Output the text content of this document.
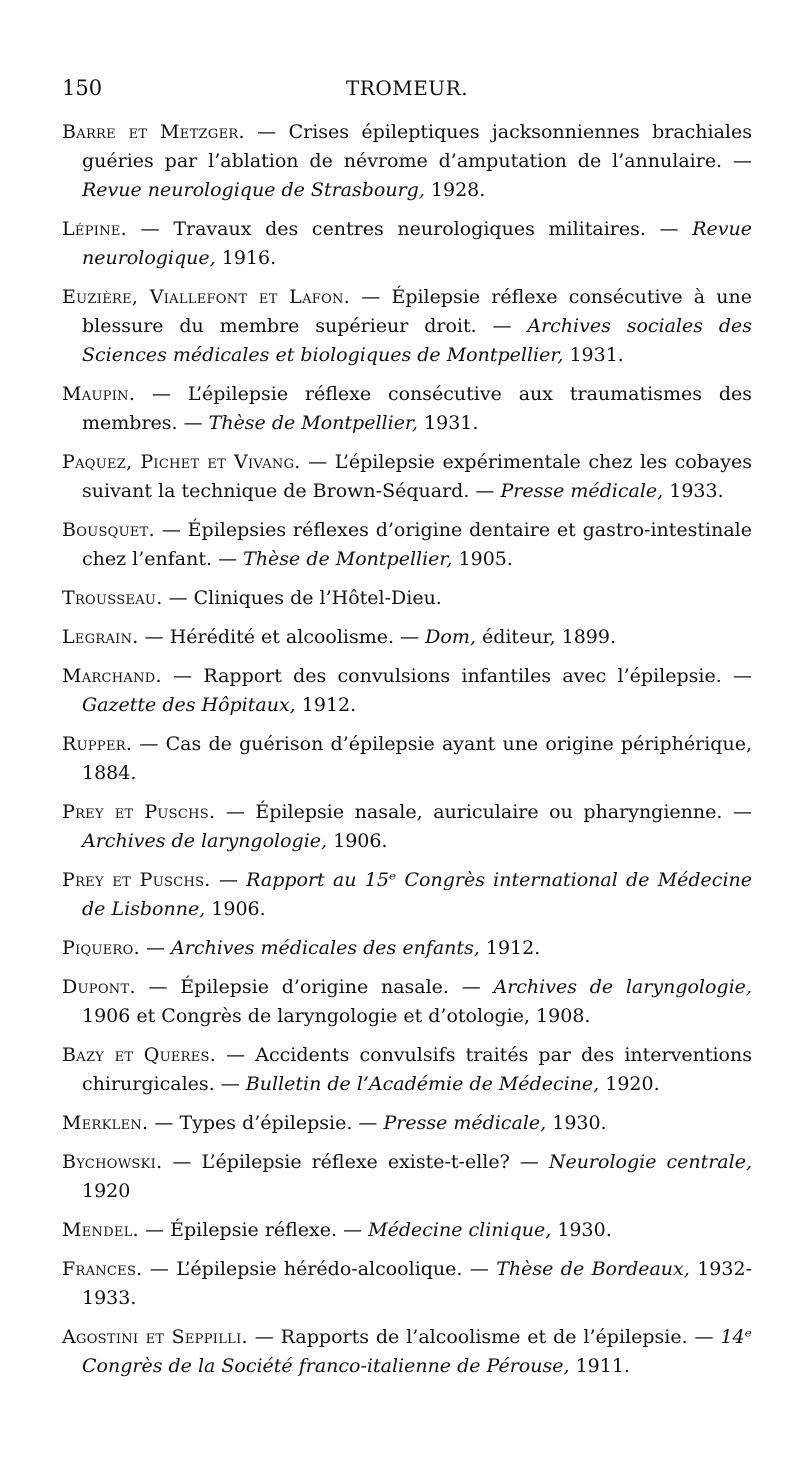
150	TROMEUR.

Barre et Metzger. — Crises épileptiques jacksonniennes brachiales guéries par l’ablation de névrome d’amputation de l’annulaire. — Revue neurologique de Strasbourg, 1928.

Lépine. — Travaux des centres neurologiques militaires. — Revue neurologique, 1916.

Euzière, Viallefont et Lafon. — Épilepsie réflexe consécutive à une blessure du membre supérieur droit. — Archives sociales des Sciences médicales et biologiques de Montpellier, 1931.

Maupin. — L’épilepsie réflexe consécutive aux traumatismes des membres. — Thèse de Montpellier, 1931.

Paquez, Pichet et Vivang. — L’épilepsie expérimentale chez les cobayes suivant la technique de Brown-Séquard. — Presse médicale, 1933.

Bousquet. — Épilepsies réflexes d’origine dentaire et gastro-intestinale chez l’enfant. — Thèse de Montpellier, 1905.

Trousseau. — Cliniques de l’Hôtel-Dieu.

Legrain. — Hérédité et alcoolisme. — Dom, éditeur, 1899.

Marchand. — Rapport des convulsions infantiles avec l’épilepsie. — Gazette des Hôpitaux, 1912.

Rupper. — Cas de guérison d’épilepsie ayant une origine périphérique, 1884.

Prey et Puschs. — Épilepsie nasale, auriculaire ou pharyngienne. — Archives de laryngologie, 1906.

Prey et Puschs. — Rapport au 15ᵉ Congrès international de Médecine de Lisbonne, 1906.

Piquero. — Archives médicales des enfants, 1912.

Dupont. — Épilepsie d’origine nasale. — Archives de laryngologie, 1906 et Congrès de laryngologie et d’otologie, 1908.

Bazy et Queres. — Accidents convulsifs traités par des interventions chirurgicales. — Bulletin de l’Académie de Médecine, 1920.

Merklen. — Types d’épilepsie. — Presse médicale, 1930.

Bychowski. — L’épilepsie réflexe existe-t-elle? — Neurologie centrale, 1920

Mendel. — Épilepsie réflexe. — Médecine clinique, 1930.

Frances. — L’épilepsie hérédo-alcoolique. — Thèse de Bordeaux, 1932-1933.

Agostini et Seppilli. — Rapports de l’alcoolisme et de l’épilepsie. — 14ᵉ Congrès de la Société franco-italienne de Pérouse, 1911.
